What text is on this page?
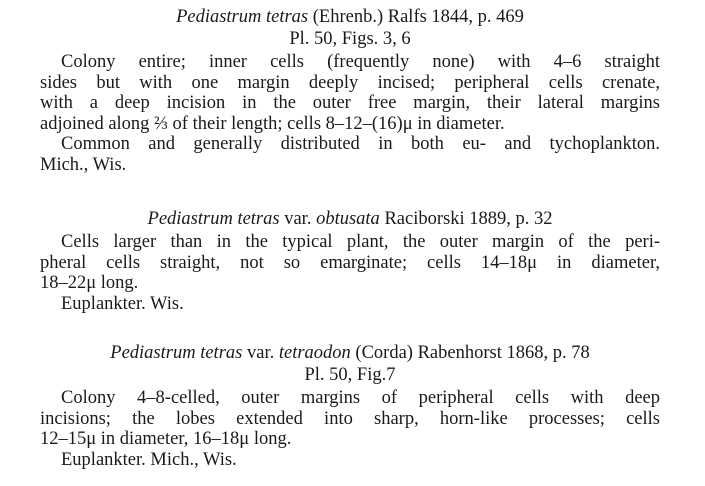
Pediastrum tetras (Ehrenb.) Ralfs 1844, p. 469
Pl. 50, Figs. 3, 6
Colony entire; inner cells (frequently none) with 4–6 straight
sides but with one margin deeply incised; peripheral cells crenate,
with a deep incision in the outer free margin, their lateral margins
adjoined along ⅔ of their length; cells 8–12–(16)μ in diameter.
Common and generally distributed in both eu- and tychoplankton.
Mich., Wis.
Pediastrum tetras var. obtusata Raciborski 1889, p. 32
Cells larger than in the typical plant, the outer margin of the peri-
pheral cells straight, not so emarginate; cells 14–18μ in diameter,
18–22μ long.
Euplankter. Wis.
Pediastrum tetras var. tetraodon (Corda) Rabenhorst 1868, p. 78
Pl. 50, Fig.7
Colony 4–8-celled, outer margins of peripheral cells with deep
incisions; the lobes extended into sharp, horn-like processes; cells
12–15μ in diameter, 16–18μ long.
Euplankter. Mich., Wis.
